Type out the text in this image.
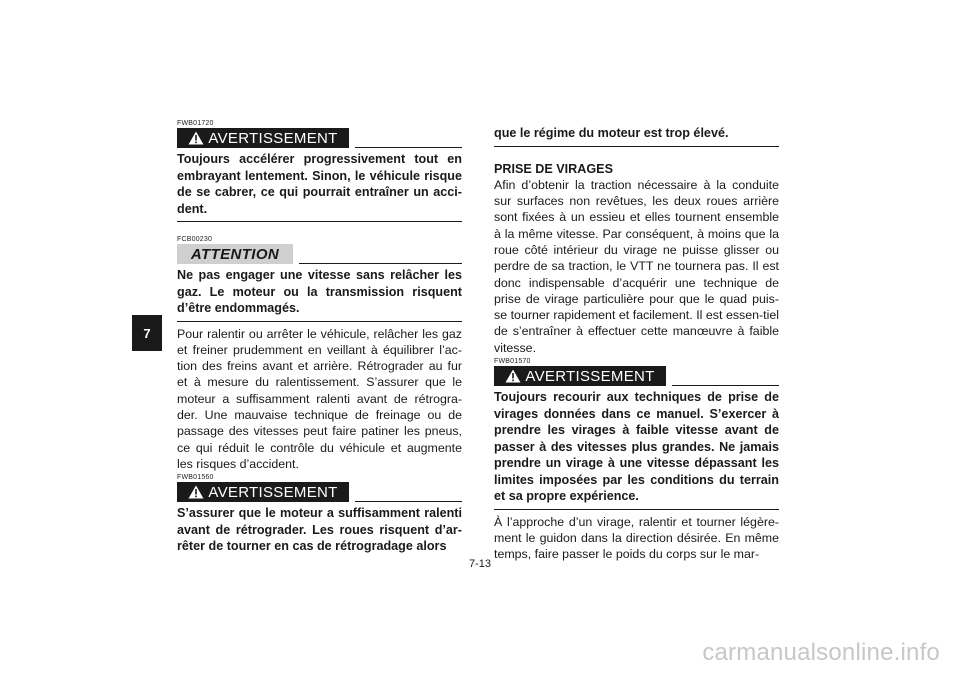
7

FWB01720

AVERTISSEMENT

Toujours accélérer progressivement tout en embrayant lentement. Sinon, le véhicule risque de se cabrer, ce qui pourrait entraîner un acci-dent.

FCB00230

ATTENTION

Ne pas engager une vitesse sans relâcher les gaz. Le moteur ou la transmission risquent d’être endommagés.

Pour ralentir ou arrêter le véhicule, relâcher les gaz et freiner prudemment en veillant à équilibrer l’ac-tion des freins avant et arrière. Rétrograder au fur et à mesure du ralentissement. S’assurer que le moteur a suffisamment ralenti avant de rétrogra-der. Une mauvaise technique de freinage ou de passage des vitesses peut faire patiner les pneus, ce qui réduit le contrôle du véhicule et augmente les risques d’accident.

FWB01560

AVERTISSEMENT

S’assurer que le moteur a suffisamment ralenti avant de rétrograder. Les roues risquent d’ar-rêter de tourner en cas de rétrogradage alors

que le régime du moteur est trop élevé.

PRISE DE VIRAGES

Afin d’obtenir la traction nécessaire à la conduite sur surfaces non revêtues, les deux roues arrière sont fixées à un essieu et elles tournent ensemble à la même vitesse. Par conséquent, à moins que la roue côté intérieur du virage ne puisse glisser ou perdre de sa traction, le VTT ne tournera pas. Il est donc indispensable d’acquérir une technique de prise de virage particulière pour que le quad puis-se tourner rapidement et facilement. Il est essen-tiel de s’entraîner à effectuer cette manœuvre à faible vitesse.

FWB01570

AVERTISSEMENT

Toujours recourir aux techniques de prise de virages données dans ce manuel. S’exercer à prendre les virages à faible vitesse avant de passer à des vitesses plus grandes. Ne jamais prendre un virage à une vitesse dépassant les limites imposées par les conditions du terrain et sa propre expérience.

À l’approche d’un virage, ralentir et tourner légère-ment le guidon dans la direction désirée. En même temps, faire passer le poids du corps sur le mar-

7-13
carmanualsonline.info
